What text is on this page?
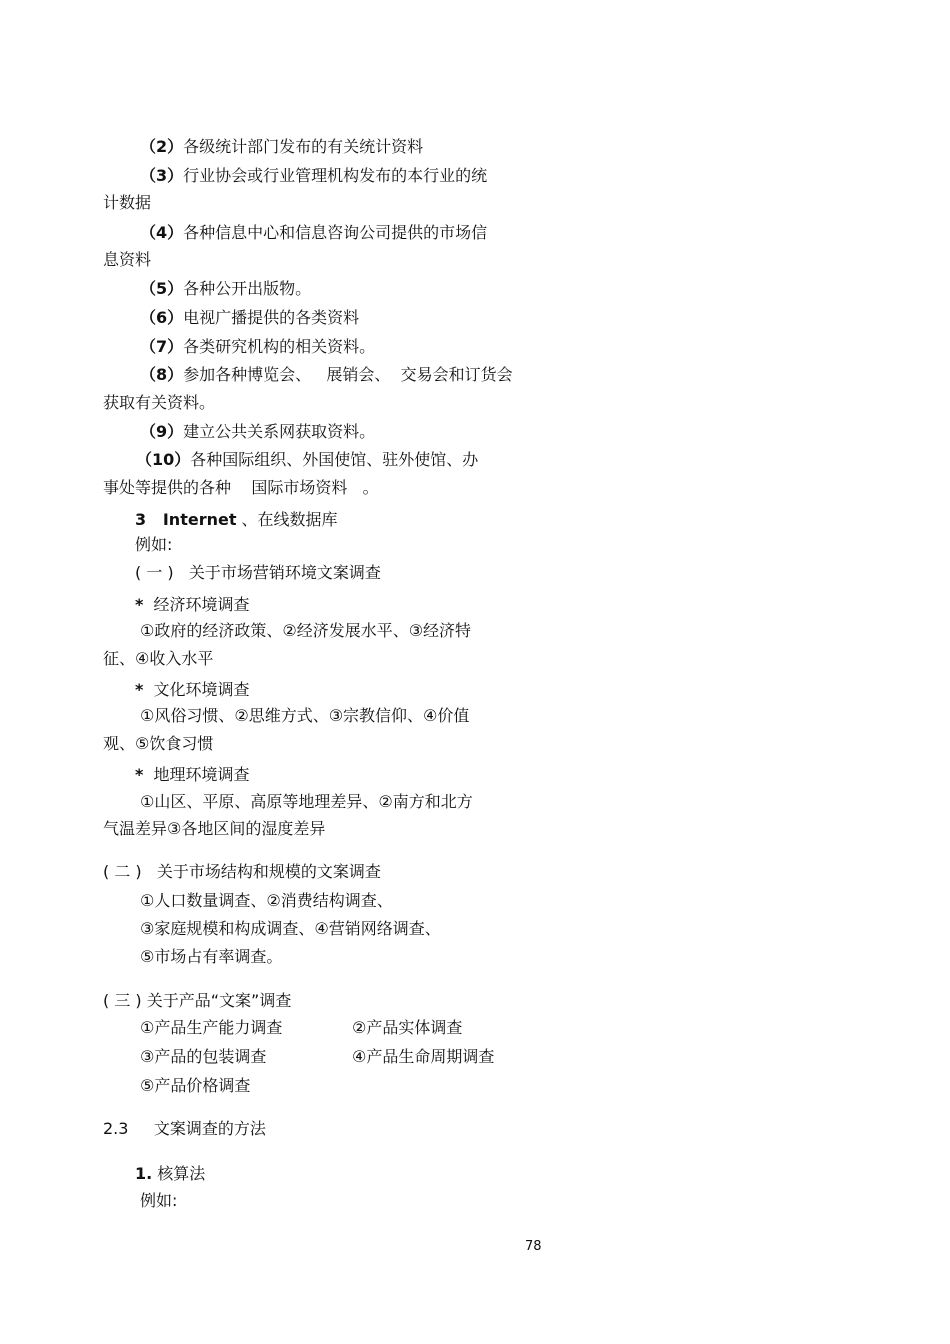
（2）各级统计部门发布的有关统计资料
（3）行业协会或行业管理机构发布的本行业的统
计数据
（4）各种信息中心和信息咨询公司提供的市场信
息资料
（5）各种公开出版物。
（6）电视广播提供的各类资料
（7）各类研究机构的相关资料。
（8）参加各种博览会、   展销会、  交易会和订货会
获取有关资料。
（9）建立公共关系网获取资料。
（10）各种国际组织、外国使馆、驻外使馆、办
事处等提供的各种    国际市场资料   。
3   Internet 、在线数据库
例如:
( 一 )   关于市场营销环境文案调查
*  经济环境调查
①政府的经济政策、②经济发展水平、③经济特
征、④收入水平
*  文化环境调查
①风俗习惯、②思维方式、③宗教信仰、④价值
观、⑤饮食习惯
*  地理环境调查
①山区、平原、高原等地理差异、②南方和北方
气温差异③各地区间的湿度差异
( 二 )   关于市场结构和规模的文案调查
①人口数量调查、②消费结构调查、
③家庭规模和构成调查、④营销网络调查、
⑤市场占有率调查。
( 三 ) 关于产品“文案”调查
①产品生产能力调查	②产品实体调查
③产品的包装调查	④产品生命周期调查
⑤产品价格调查
2.3     文案调查的方法
1. 核算法
例如:
78
